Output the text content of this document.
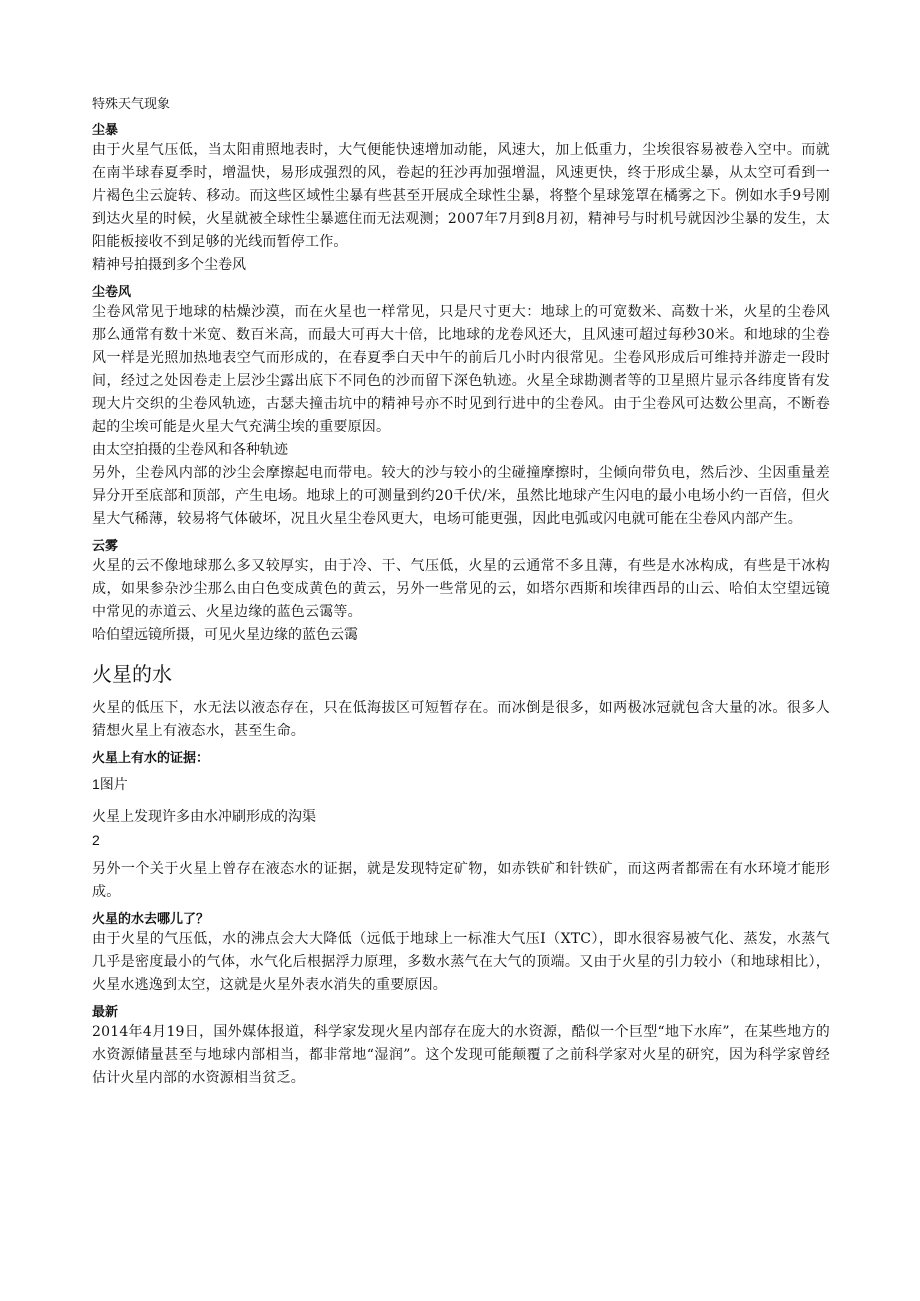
特殊天气现象
尘暴

由于火星气压低，当太阳甫照地表时，大气便能快速增加动能，风速大，加上低重力，尘埃很容易被卷入空中。而就在南半球春夏季时，增温快，易形成强烈的风，卷起的狂沙再加强增温，风速更快，终于形成尘暴，从太空可看到一片褐色尘云旋转、移动。而这些区域性尘暴有些甚至开展成全球性尘暴，将整个星球笼罩在橘雾之下。例如水手9号刚到达火星的时候，火星就被全球性尘暴遮住而无法观测；2007年7月到8月初，精神号与时机号就因沙尘暴的发生，太阳能板接收不到足够的光线而暂停工作。

精神号拍摄到多个尘卷风

尘卷风

尘卷风常见于地球的枯燥沙漠，而在火星也一样常见，只是尺寸更大：地球上的可宽数米、高数十米，火星的尘卷风那么通常有数十米宽、数百米高，而最大可再大十倍，比地球的龙卷风还大，且风速可超过每秒30米。和地球的尘卷风一样是光照加热地表空气而形成的，在春夏季白天中午的前后几小时内很常见。尘卷风形成后可维持并游走一段时间，经过之处因卷走上层沙尘露出底下不同色的沙而留下深色轨迹。火星全球勘测者等的卫星照片显示各纬度皆有发现大片交织的尘卷风轨迹，古瑟夫撞击坑中的精神号亦不时见到行进中的尘卷风。由于尘卷风可达数公里高，不断卷起的尘埃可能是火星大气充满尘埃的重要原因。

由太空拍摄的尘卷风和各种轨迹

另外，尘卷风内部的沙尘会摩擦起电而带电。较大的沙与较小的尘碰撞摩擦时，尘倾向带负电，然后沙、尘因重量差异分开至底部和顶部，产生电场。地球上的可测量到约20千伏/米，虽然比地球产生闪电的最小电场小约一百倍，但火星大气稀薄，较易将气体破坏，况且火星尘卷风更大，电场可能更强，因此电弧或闪电就可能在尘卷风内部产生。

云雾

火星的云不像地球那么多又较厚实，由于冷、干、气压低，火星的云通常不多且薄，有些是水冰构成，有些是干冰构成，如果参杂沙尘那么由白色变成黄色的黄云，另外一些常见的云，如塔尔西斯和埃律西昂的山云、哈伯太空望远镜中常见的赤道云、火星边缘的蓝色云霭等。

哈伯望远镜所摄，可见火星边缘的蓝色云霭

火星的水

火星的低压下，水无法以液态存在，只在低海拔区可短暂存在。而冰倒是很多，如两极冰冠就包含大量的冰。很多人猜想火星上有液态水，甚至生命。

火星上有水的证据：

1图片

火星上发现许多由水冲刷形成的沟渠

2

另外一个关于火星上曾存在液态水的证据，就是发现特定矿物，如赤铁矿和针铁矿，而这两者都需在有水环境才能形成。

火星的水去哪儿了？

由于火星的气压低，水的沸点会大大降低（远低于地球上一标准大气压I（XTC），即水很容易被气化、蒸发，水蒸气几乎是密度最小的气体，水气化后根据浮力原理，多数水蒸气在大气的顶端。又由于火星的引力较小（和地球相比），火星水逃逸到太空，这就是火星外表水消失的重要原因。

最新

2014年4月19日，国外媒体报道，科学家发现火星内部存在庞大的水资源，酷似一个巨型“地下水库”，在某些地方的水资源储量甚至与地球内部相当，都非常地“湿润”。这个发现可能颠覆了之前科学家对火星的研究，因为科学家曾经估计火星内部的水资源相当贫乏。
